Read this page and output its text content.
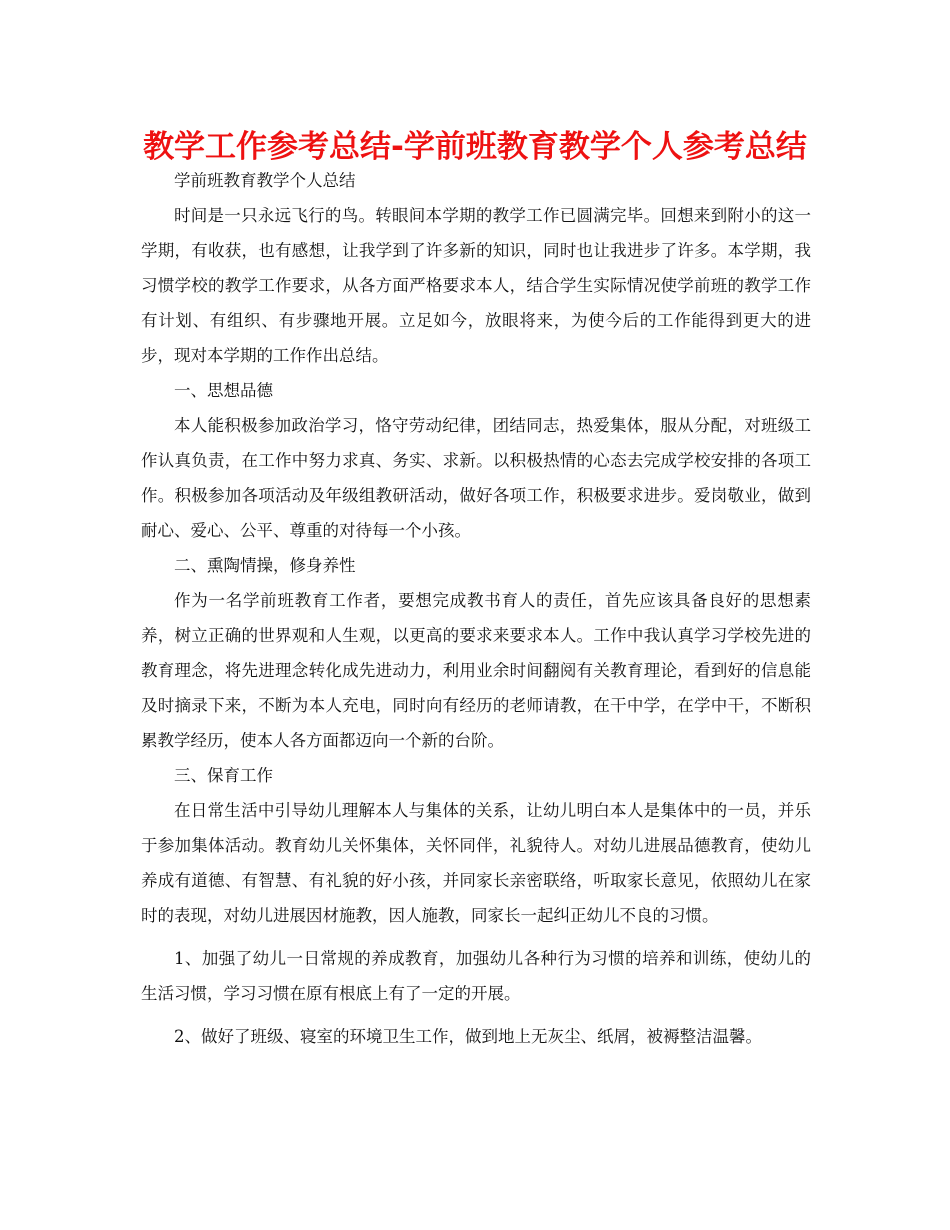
教学工作参考总结-学前班教育教学个人参考总结

学前班教育教学个人总结

时间是一只永远飞行的鸟。转眼间本学期的教学工作已圆满完毕。回想来到附小的这一学期，有收获，也有感想，让我学到了许多新的知识，同时也让我进步了许多。本学期，我习惯学校的教学工作要求，从各方面严格要求本人，结合学生实际情况使学前班的教学工作有计划、有组织、有步骤地开展。立足如今，放眼将来，为使今后的工作能得到更大的进步，现对本学期的工作作出总结。

一、思想品德

本人能积极参加政治学习，恪守劳动纪律，团结同志，热爱集体，服从分配，对班级工作认真负责，在工作中努力求真、务实、求新。以积极热情的心态去完成学校安排的各项工作。积极参加各项活动及年级组教研活动，做好各项工作，积极要求进步。爱岗敬业，做到耐心、爱心、公平、尊重的对待每一个小孩。

二、熏陶情操，修身养性

作为一名学前班教育工作者，要想完成教书育人的责任，首先应该具备良好的思想素养，树立正确的世界观和人生观，以更高的要求来要求本人。工作中我认真学习学校先进的教育理念，将先进理念转化成先进动力，利用业余时间翻阅有关教育理论，看到好的信息能及时摘录下来，不断为本人充电，同时向有经历的老师请教，在干中学，在学中干，不断积累教学经历，使本人各方面都迈向一个新的台阶。

三、保育工作

在日常生活中引导幼儿理解本人与集体的关系，让幼儿明白本人是集体中的一员，并乐于参加集体活动。教育幼儿关怀集体，关怀同伴，礼貌待人。对幼儿进展品德教育，使幼儿养成有道德、有智慧、有礼貌的好小孩，并同家长亲密联络，听取家长意见，依照幼儿在家时的表现，对幼儿进展因材施教，因人施教，同家长一起纠正幼儿不良的习惯。

1、加强了幼儿一日常规的养成教育，加强幼儿各种行为习惯的培养和训练，使幼儿的生活习惯，学习习惯在原有根底上有了一定的开展。

2、做好了班级、寝室的环境卫生工作，做到地上无灰尘、纸屑，被褥整洁温馨。
